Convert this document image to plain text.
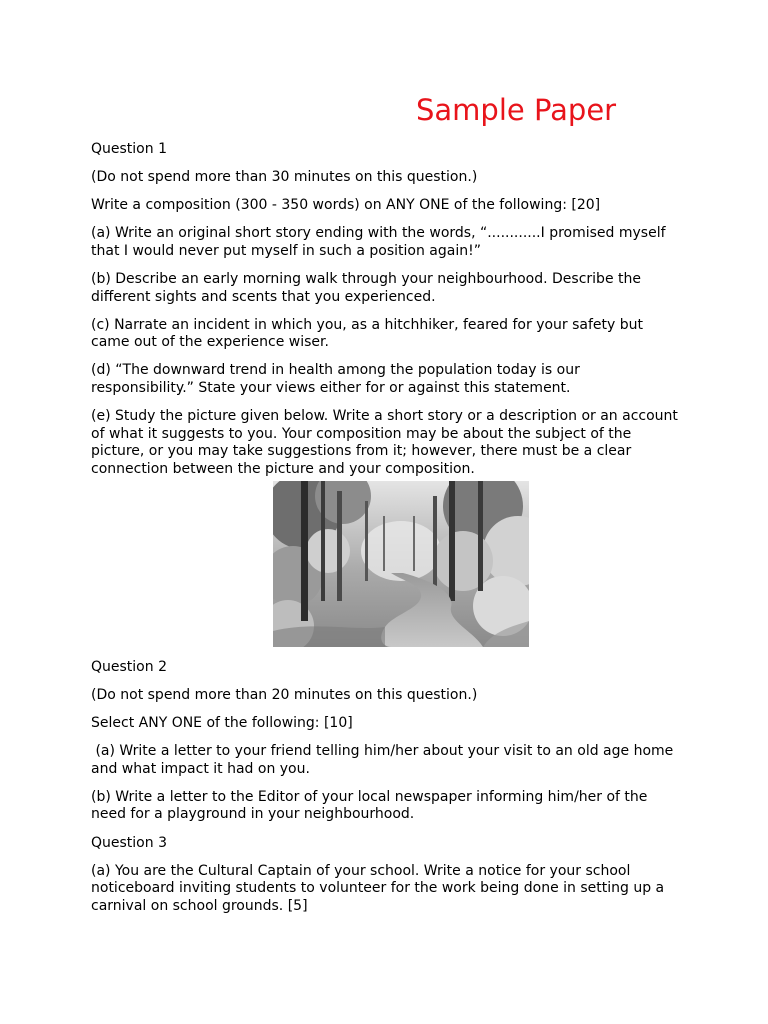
Sample Paper

Question 1

(Do not spend more than 30 minutes on this question.)

Write a composition (300 - 350 words) on ANY ONE of the following: [20]

(a) Write an original short story ending with the words, “............I promised myself that I would never put myself in such a position again!”

(b) Describe an early morning walk through your neighbourhood. Describe the different sights and scents that you experienced.

(c) Narrate an incident in which you, as a hitchhiker, feared for your safety but came out of the experience wiser.

(d) “The downward trend in health among the population today is our responsibility.” State your views either for or against this statement.

(e) Study the picture given below. Write a short story or a description or an account of what it suggests to you. Your composition may be about the subject of the picture, or you may take suggestions from it; however, there must be a clear connection between the picture and your composition.

Question 2

(Do not spend more than 20 minutes on this question.)

Select ANY ONE of the following: [10]

(a) Write a letter to your friend telling him/her about your visit to an old age home and what impact it had on you.

(b) Write a letter to the Editor of your local newspaper informing him/her of the need for a playground in your neighbourhood.

Question 3

(a) You are the Cultural Captain of your school. Write a notice for your school noticeboard inviting students to volunteer for the work being done in setting up a carnival on school grounds. [5]
